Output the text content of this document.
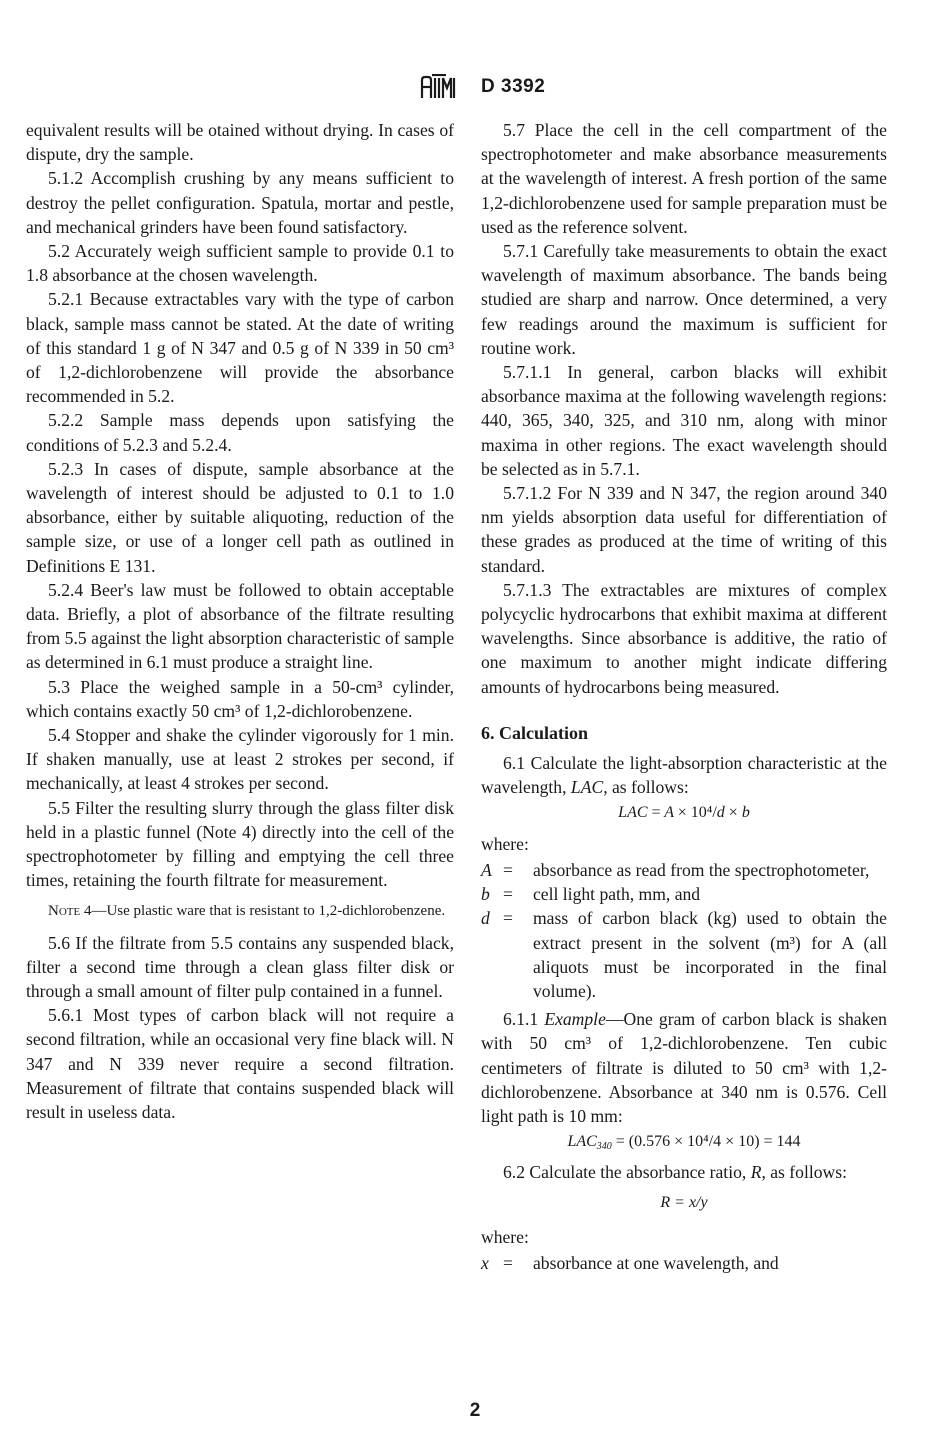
D 3392

equivalent results will be otained without drying. In cases of dispute, dry the sample.

5.1.2 Accomplish crushing by any means sufficient to destroy the pellet configuration. Spatula, mortar and pestle, and mechanical grinders have been found satisfactory.

5.2 Accurately weigh sufficient sample to provide 0.1 to 1.8 absorbance at the chosen wavelength.

5.2.1 Because extractables vary with the type of carbon black, sample mass cannot be stated. At the date of writing of this standard 1 g of N 347 and 0.5 g of N 339 in 50 cm³ of 1,2-dichlorobenzene will provide the absorbance recommended in 5.2.

5.2.2 Sample mass depends upon satisfying the conditions of 5.2.3 and 5.2.4.

5.2.3 In cases of dispute, sample absorbance at the wavelength of interest should be adjusted to 0.1 to 1.0 absorbance, either by suitable aliquoting, reduction of the sample size, or use of a longer cell path as outlined in Definitions E 131.

5.2.4 Beer's law must be followed to obtain acceptable data. Briefly, a plot of absorbance of the filtrate resulting from 5.5 against the light absorption characteristic of sample as determined in 6.1 must produce a straight line.

5.3 Place the weighed sample in a 50-cm³ cylinder, which contains exactly 50 cm³ of 1,2-dichlorobenzene.

5.4 Stopper and shake the cylinder vigorously for 1 min. If shaken manually, use at least 2 strokes per second, if mechanically, at least 4 strokes per second.

5.5 Filter the resulting slurry through the glass filter disk held in a plastic funnel (Note 4) directly into the cell of the spectrophotometer by filling and emptying the cell three times, retaining the fourth filtrate for measurement.

Note 4—Use plastic ware that is resistant to 1,2-dichlorobenzene.

5.6 If the filtrate from 5.5 contains any suspended black, filter a second time through a clean glass filter disk or through a small amount of filter pulp contained in a funnel.

5.6.1 Most types of carbon black will not require a second filtration, while an occasional very fine black will. N 347 and N 339 never require a second filtration. Measurement of filtrate that contains suspended black will result in useless data.

5.7 Place the cell in the cell compartment of the spectrophotometer and make absorbance measurements at the wavelength of interest. A fresh portion of the same 1,2-dichlorobenzene used for sample preparation must be used as the reference solvent.

5.7.1 Carefully take measurements to obtain the exact wavelength of maximum absorbance. The bands being studied are sharp and narrow. Once determined, a very few readings around the maximum is sufficient for routine work.

5.7.1.1 In general, carbon blacks will exhibit absorbance maxima at the following wavelength regions: 440, 365, 340, 325, and 310 nm, along with minor maxima in other regions. The exact wavelength should be selected as in 5.7.1.

5.7.1.2 For N 339 and N 347, the region around 340 nm yields absorption data useful for differentiation of these grades as produced at the time of writing of this standard.

5.7.1.3 The extractables are mixtures of complex polycyclic hydrocarbons that exhibit maxima at different wavelengths. Since absorbance is additive, the ratio of one maximum to another might indicate differing amounts of hydrocarbons being measured.

6. Calculation

6.1 Calculate the light-absorption characteristic at the wavelength, LAC, as follows:

LAC = A × 10⁴/d × b

where:

A =	absorbance as read from the spectrophotometer,
b =	cell light path, mm, and
d =	mass of carbon black (kg) used to obtain the extract present in the solvent (m³) for A (all aliquots must be incorporated in the final volume).

6.1.1 Example—One gram of carbon black is shaken with 50 cm³ of 1,2-dichlorobenzene. Ten cubic centimeters of filtrate is diluted to 50 cm³ with 1,2-dichlorobenzene. Absorbance at 340 nm is 0.576. Cell light path is 10 mm:

$LAC_{340} = (0.576 \times 10^4/4 \times 10) = 144$

6.2 Calculate the absorbance ratio, R, as follows:

R = x/y

where:

x =	absorbance at one wavelength, and
2
